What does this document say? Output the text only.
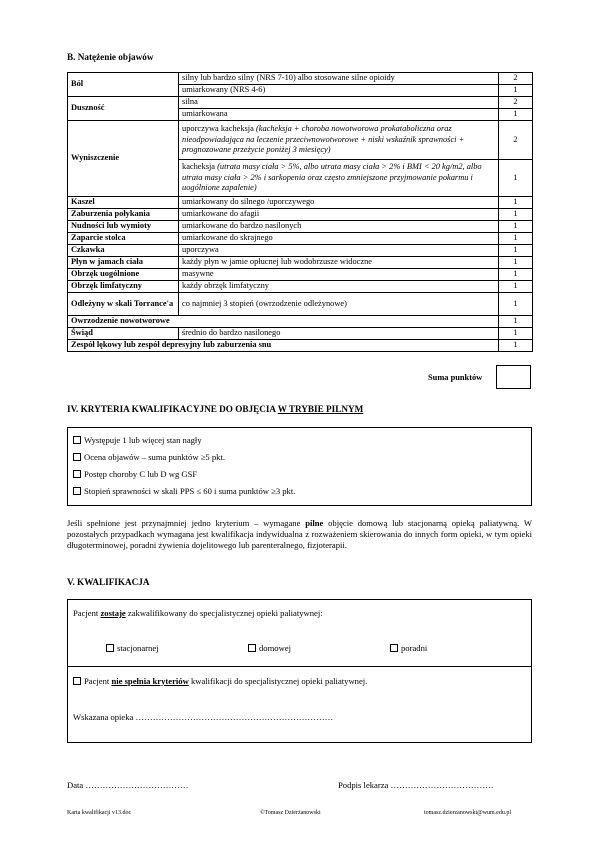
B. Natężenie objawów
Ból	silny lub bardzo silny (NRS 7-10) albo stosowane silne opioidy	2
	umiarkowany (NRS 4-6)	1
Duszność	silna	2
	umiarkowana	1
Wyniszczenie	uporczywa kacheksja (kacheksja + choroba nowotworowa prokatabolicznа oraz nieodpowiadająca na leczenie przeciwnowotworowe + niski wskaźnik sprawności + prognozowane przeżycie poniżej 3 miesięcy)	2
	kacheksja (utrata masy ciała > 5%, albo utrata masy ciała > 2% i BMI < 20 kg/m2, albo utrata masy ciała > 2% i sarkopenia oraz często zmniejszone przyjmowanie pokarmu i uogólnione zapalenie)	1
Kaszel	umiarkowany do silnego /uporczywego	1
Zaburzenia połykania	umiarkowane do afagii	1
Nudności lub wymioty	umiarkowane do bardzo nasilonych	1
Zaparcie stolca	umiarkowane do skrajnego	1
Czkawka	uporczywa	1
Płyn w jamach ciała	każdy płyn w jamie opłucnej lub wodobrzusze widoczne	1
Obrzęk uogólnione	masywne	1
Obrzęk limfatyczny	każdy obrzęk limfatyczny	1
Odleżyny w skali Torrance'a	co najmniej 3 stopień (owrzodzenie odleżynowe)	1
Owrzodzenie nowotworowe		1
Świąd	średnio do bardzo nasilonego	1
Zespół lękowy lub zespół depresyjny lub zaburzenia snu		1
Suma punktów
IV. KRYTERIA KWALIFIKACYJNE DO OBJĘCIA W TRYBIE PILNYM
Występuje 1 lub więcej stan nagły
Ocena objawów – suma punktów ≥5 pkt.
Postęp choroby C lub D wg GSF
Stopień sprawności w skali PPS ≤ 60 i suma punktów ≥3 pkt.
Jeśli spełnione jest przynajmniej jedno kryterium – wymagane pilne objęcie domową lub stacjonarną opieką paliatywną. W pozostałych przypadkach wymagana jest kwalifikacja indywidualna z rozważeniem skierowania do innych form opieki, w tym opieki długoterminowej, poradni żywienia dojelitowego lub parenteralnego, fizjoterapii.
V. KWALIFIKACJA
Pacjent zostaje zakwalifikowany do specjalistycznej opieki paliatywnej:
stacjonarnej	domowej	poradni
Pacjent nie spełnia kryteriów kwalifikacji do specjalistycznej opieki paliatywnej.
Wskazana opieka ……………………………………………………………
Data ………………………………	Podpis lekarza ………………………………
Karta kwalifikacji v13.doc	©Tomasz Dzierżanowski	tomasz.dzierzanowski@wum.edu.pl
